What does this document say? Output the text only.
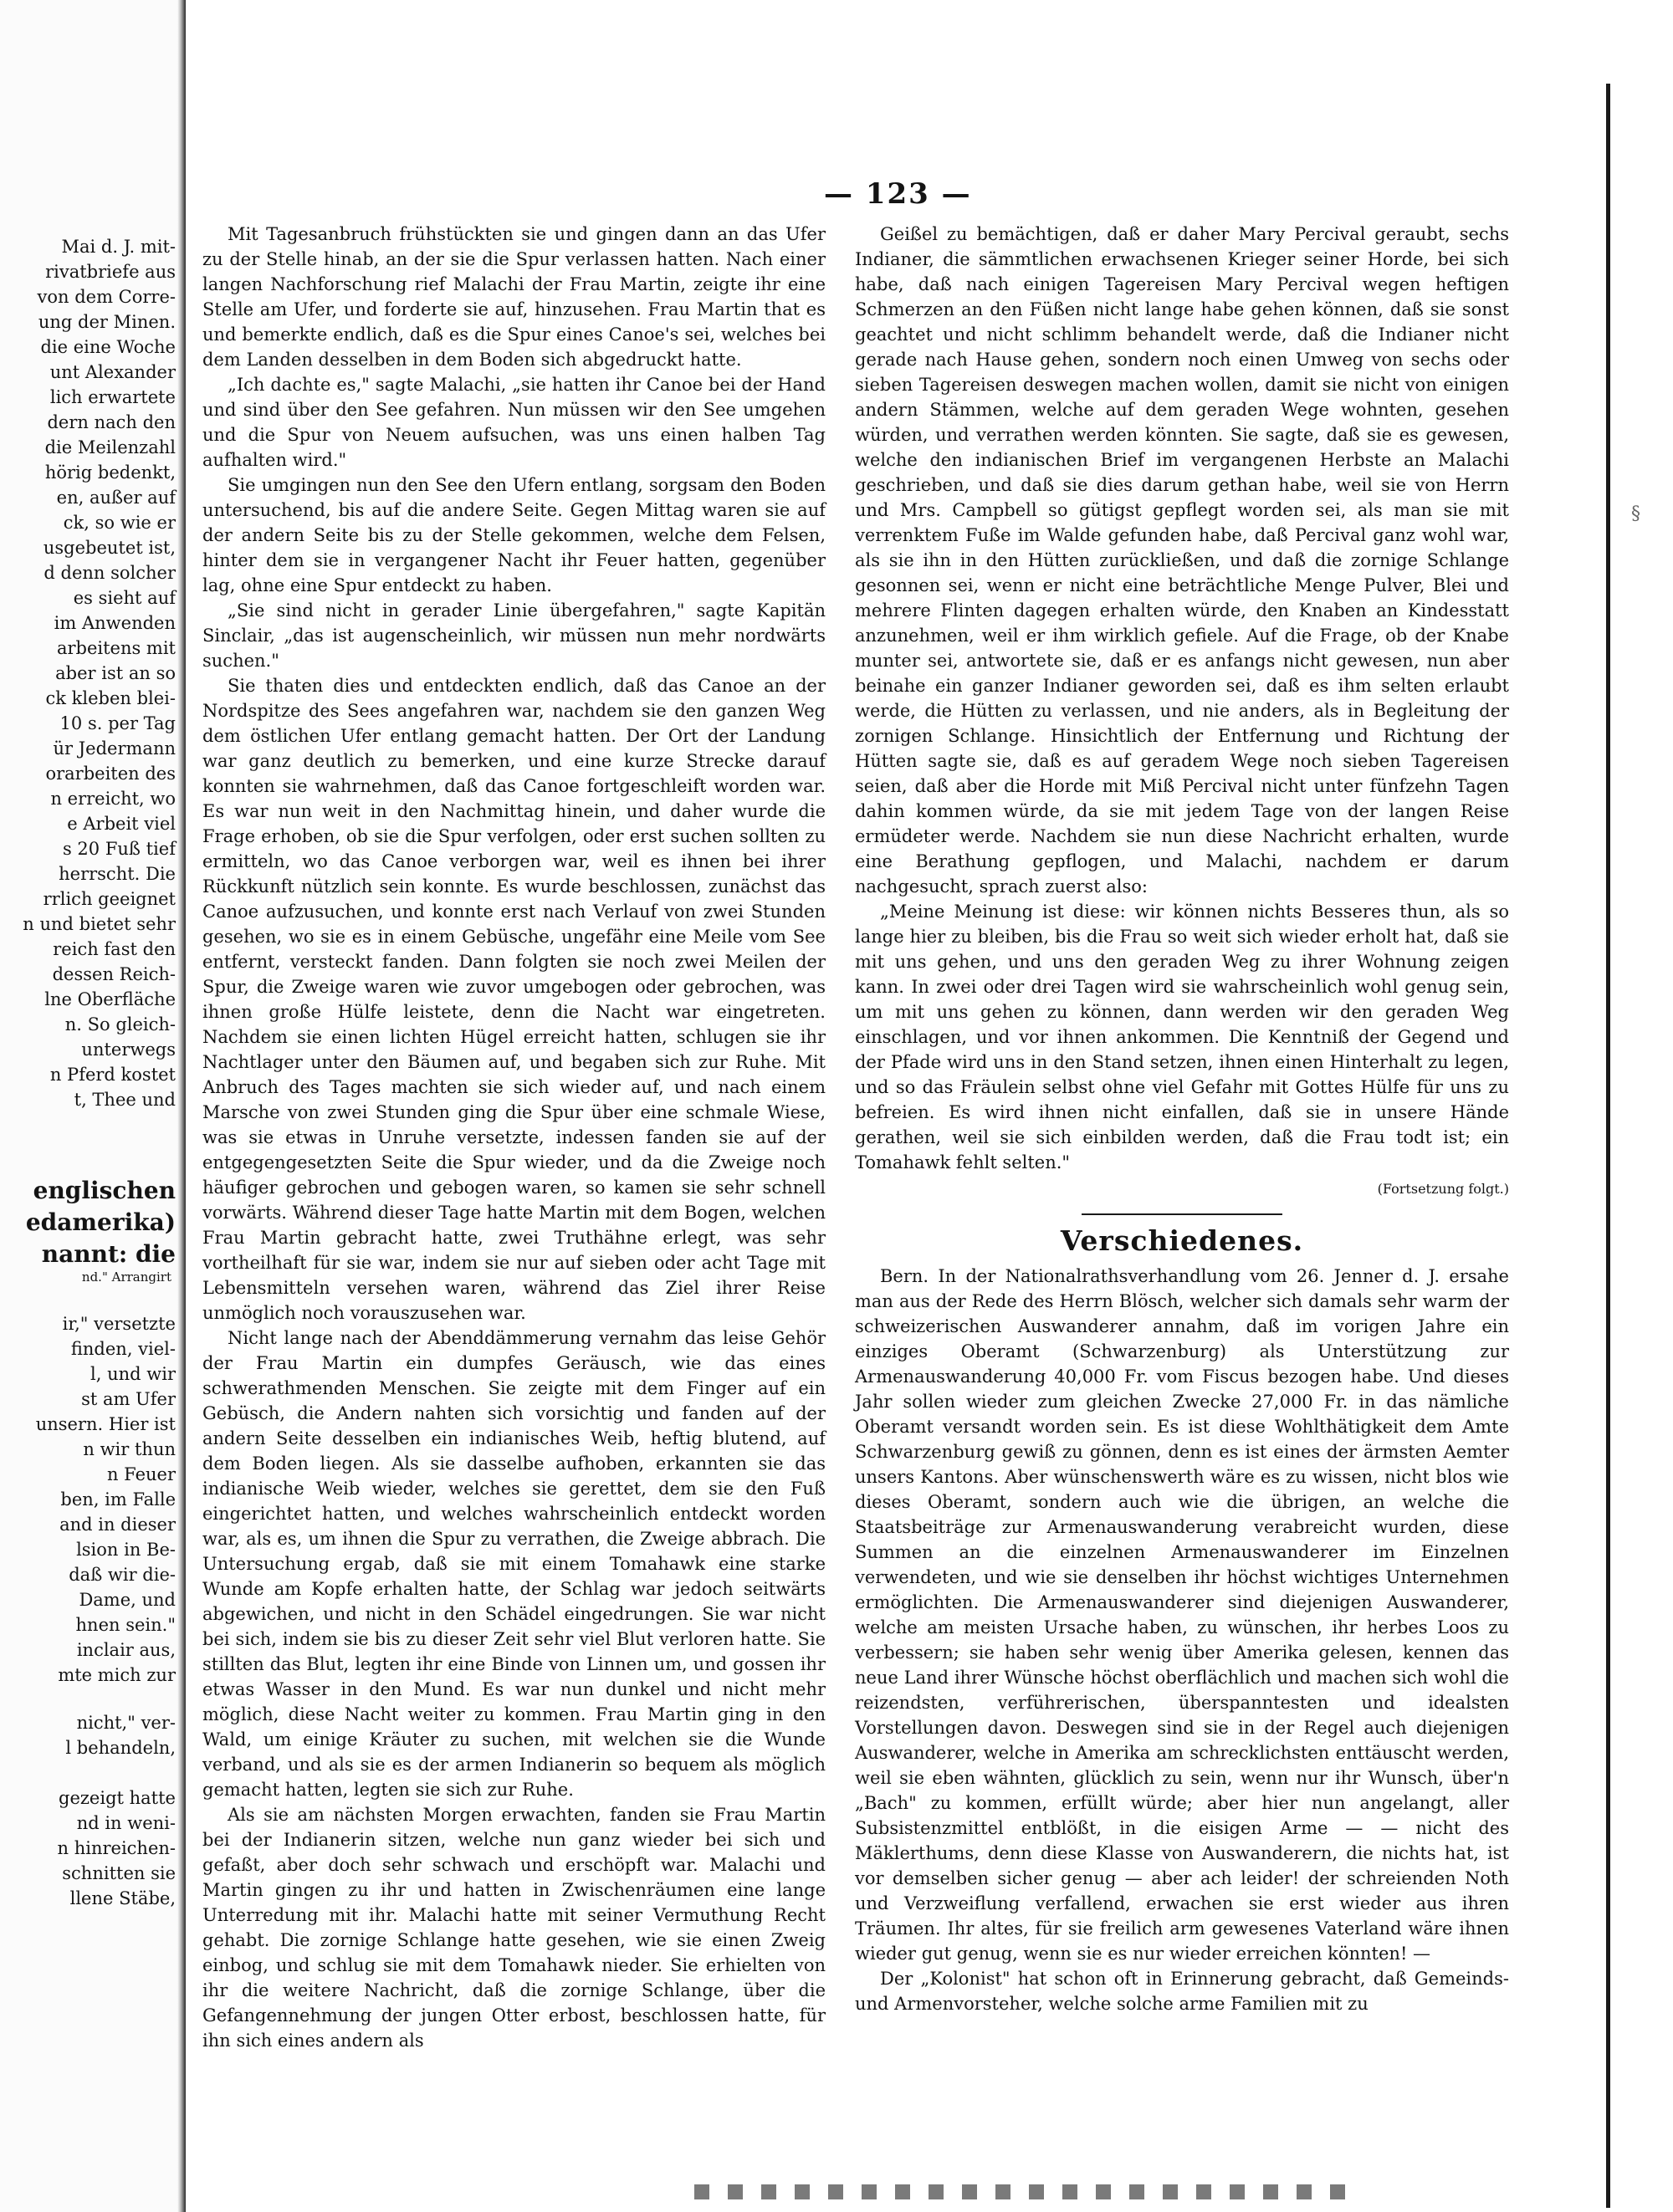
Mai d. J. mit-
rivatbriefe aus
von dem Corre-
ung der Minen.
die eine Woche
unt Alexander
lich erwartete
dern nach den
die Meilenzahl
hörig bedenkt,
en, außer auf
ck, so wie er
usgebeutet ist,
d denn solcher
es sieht auf
im Anwenden
arbeitens mit
aber ist an so
ck kleben blei-
10 s. per Tag
ür Jedermann
orarbeiten des
n erreicht, wo
e Arbeit viel
s 20 Fuß tief
herrscht. Die
rrlich geeignet
n und bietet sehr
reich fast den
dessen Reich-
lne Oberfläche
n. So gleich-
unterwegs
n Pferd kostet
t, Thee und
englischen
edamerika)
nannt: die
nd." Arrangirt
ir," versetzte
finden, viel-
l, und wir
st am Ufer
unsern. Hier ist
n wir thun
n Feuer
ben, im Falle
and in dieser
lsion in Be-
daß wir die-
Dame, und
hnen sein."
inclair aus,
mte mich zur
nicht," ver-
l behandeln,

gezeigt hatte
nd in weni-
n hinreichen-
schnitten sie
llene Stäbe,
§
— 123 —

Mit Tagesanbruch frühstückten sie und gingen dann an das Ufer zu der Stelle hinab, an der sie die Spur verlassen hatten. Nach einer langen Nachforschung rief Malachi der Frau Martin, zeigte ihr eine Stelle am Ufer, und forderte sie auf, hinzusehen. Frau Martin that es und bemerkte endlich, daß es die Spur eines Canoe's sei, welches bei dem Landen desselben in dem Boden sich abgedruckt hatte.

„Ich dachte es," sagte Malachi, „sie hatten ihr Canoe bei der Hand und sind über den See gefahren. Nun müssen wir den See umgehen und die Spur von Neuem aufsuchen, was uns einen halben Tag aufhalten wird."

Sie umgingen nun den See den Ufern entlang, sorgsam den Boden untersuchend, bis auf die andere Seite. Gegen Mittag waren sie auf der andern Seite bis zu der Stelle gekommen, welche dem Felsen, hinter dem sie in vergangener Nacht ihr Feuer hatten, gegenüber lag, ohne eine Spur entdeckt zu haben.

„Sie sind nicht in gerader Linie übergefahren," sagte Kapitän Sinclair, „das ist augenscheinlich, wir müssen nun mehr nordwärts suchen."

Sie thaten dies und entdeckten endlich, daß das Canoe an der Nordspitze des Sees angefahren war, nachdem sie den ganzen Weg dem östlichen Ufer entlang gemacht hatten. Der Ort der Landung war ganz deutlich zu bemerken, und eine kurze Strecke darauf konnten sie wahrnehmen, daß das Canoe fortgeschleift worden war. Es war nun weit in den Nachmittag hinein, und daher wurde die Frage erhoben, ob sie die Spur verfolgen, oder erst suchen sollten zu ermitteln, wo das Canoe verborgen war, weil es ihnen bei ihrer Rückkunft nützlich sein konnte. Es wurde beschlossen, zunächst das Canoe aufzusuchen, und konnte erst nach Verlauf von zwei Stunden gesehen, wo sie es in einem Gebüsche, ungefähr eine Meile vom See entfernt, versteckt fanden. Dann folgten sie noch zwei Meilen der Spur, die Zweige waren wie zuvor umgebogen oder gebrochen, was ihnen große Hülfe leistete, denn die Nacht war eingetreten. Nachdem sie einen lichten Hügel erreicht hatten, schlugen sie ihr Nachtlager unter den Bäumen auf, und begaben sich zur Ruhe. Mit Anbruch des Tages machten sie sich wieder auf, und nach einem Marsche von zwei Stunden ging die Spur über eine schmale Wiese, was sie etwas in Unruhe versetzte, indessen fanden sie auf der entgegengesetzten Seite die Spur wieder, und da die Zweige noch häufiger gebrochen und gebogen waren, so kamen sie sehr schnell vorwärts. Während dieser Tage hatte Martin mit dem Bogen, welchen Frau Martin gebracht hatte, zwei Truthähne erlegt, was sehr vortheilhaft für sie war, indem sie nur auf sieben oder acht Tage mit Lebensmitteln versehen waren, während das Ziel ihrer Reise unmöglich noch vorauszusehen war.

Nicht lange nach der Abenddämmerung vernahm das leise Gehör der Frau Martin ein dumpfes Geräusch, wie das eines schwerathmenden Menschen. Sie zeigte mit dem Finger auf ein Gebüsch, die Andern nahten sich vorsichtig und fanden auf der andern Seite desselben ein indianisches Weib, heftig blutend, auf dem Boden liegen. Als sie dasselbe aufhoben, erkannten sie das indianische Weib wieder, welches sie gerettet, dem sie den Fuß eingerichtet hatten, und welches wahrscheinlich entdeckt worden war, als es, um ihnen die Spur zu verrathen, die Zweige abbrach. Die Untersuchung ergab, daß sie mit einem Tomahawk eine starke Wunde am Kopfe erhalten hatte, der Schlag war jedoch seitwärts abgewichen, und nicht in den Schädel eingedrungen. Sie war nicht bei sich, indem sie bis zu dieser Zeit sehr viel Blut verloren hatte. Sie stillten das Blut, legten ihr eine Binde von Linnen um, und gossen ihr etwas Wasser in den Mund. Es war nun dunkel und nicht mehr möglich, diese Nacht weiter zu kommen. Frau Martin ging in den Wald, um einige Kräuter zu suchen, mit welchen sie die Wunde verband, und als sie es der armen Indianerin so bequem als möglich gemacht hatten, legten sie sich zur Ruhe.

Als sie am nächsten Morgen erwachten, fanden sie Frau Martin bei der Indianerin sitzen, welche nun ganz wieder bei sich und gefaßt, aber doch sehr schwach und erschöpft war. Malachi und Martin gingen zu ihr und hatten in Zwischenräumen eine lange Unterredung mit ihr. Malachi hatte mit seiner Vermuthung Recht gehabt. Die zornige Schlange hatte gesehen, wie sie einen Zweig einbog, und schlug sie mit dem Tomahawk nieder. Sie erhielten von ihr die weitere Nachricht, daß die zornige Schlange, über die Gefangennehmung der jungen Otter erbost, beschlossen hatte, für ihn sich eines andern als

Geißel zu bemächtigen, daß er daher Mary Percival geraubt, sechs Indianer, die sämmtlichen erwachsenen Krieger seiner Horde, bei sich habe, daß nach einigen Tagereisen Mary Percival wegen heftigen Schmerzen an den Füßen nicht lange habe gehen können, daß sie sonst geachtet und nicht schlimm behandelt werde, daß die Indianer nicht gerade nach Hause gehen, sondern noch einen Umweg von sechs oder sieben Tagereisen deswegen machen wollen, damit sie nicht von einigen andern Stämmen, welche auf dem geraden Wege wohnten, gesehen würden, und verrathen werden könnten. Sie sagte, daß sie es gewesen, welche den indianischen Brief im vergangenen Herbste an Malachi geschrieben, und daß sie dies darum gethan habe, weil sie von Herrn und Mrs. Campbell so gütigst gepflegt worden sei, als man sie mit verrenktem Fuße im Walde gefunden habe, daß Percival ganz wohl war, als sie ihn in den Hütten zurückließen, und daß die zornige Schlange gesonnen sei, wenn er nicht eine beträchtliche Menge Pulver, Blei und mehrere Flinten dagegen erhalten würde, den Knaben an Kindesstatt anzunehmen, weil er ihm wirklich gefiele. Auf die Frage, ob der Knabe munter sei, antwortete sie, daß er es anfangs nicht gewesen, nun aber beinahe ein ganzer Indianer geworden sei, daß es ihm selten erlaubt werde, die Hütten zu verlassen, und nie anders, als in Begleitung der zornigen Schlange. Hinsichtlich der Entfernung und Richtung der Hütten sagte sie, daß es auf geradem Wege noch sieben Tagereisen seien, daß aber die Horde mit Miß Percival nicht unter fünfzehn Tagen dahin kommen würde, da sie mit jedem Tage von der langen Reise ermüdeter werde. Nachdem sie nun diese Nachricht erhalten, wurde eine Berathung gepflogen, und Malachi, nachdem er darum nachgesucht, sprach zuerst also:

„Meine Meinung ist diese: wir können nichts Besseres thun, als so lange hier zu bleiben, bis die Frau so weit sich wieder erholt hat, daß sie mit uns gehen, und uns den geraden Weg zu ihrer Wohnung zeigen kann. In zwei oder drei Tagen wird sie wahrscheinlich wohl genug sein, um mit uns gehen zu können, dann werden wir den geraden Weg einschlagen, und vor ihnen ankommen. Die Kenntniß der Gegend und der Pfade wird uns in den Stand setzen, ihnen einen Hinterhalt zu legen, und so das Fräulein selbst ohne viel Gefahr mit Gottes Hülfe für uns zu befreien. Es wird ihnen nicht einfallen, daß sie in unsere Hände gerathen, weil sie sich einbilden werden, daß die Frau todt ist; ein Tomahawk fehlt selten."

(Fortsetzung folgt.)
Verschiedenes.

Bern. In der Nationalrathsverhandlung vom 26. Jenner d. J. ersahe man aus der Rede des Herrn Blösch, welcher sich damals sehr warm der schweizerischen Auswanderer annahm, daß im vorigen Jahre ein einziges Oberamt (Schwarzenburg) als Unterstützung zur Armenauswanderung 40,000 Fr. vom Fiscus bezogen habe. Und dieses Jahr sollen wieder zum gleichen Zwecke 27,000 Fr. in das nämliche Oberamt versandt worden sein. Es ist diese Wohlthätigkeit dem Amte Schwarzenburg gewiß zu gönnen, denn es ist eines der ärmsten Aemter unsers Kantons. Aber wünschenswerth wäre es zu wissen, nicht blos wie dieses Oberamt, sondern auch wie die übrigen, an welche die Staatsbeiträge zur Armenauswanderung verabreicht wurden, diese Summen an die einzelnen Armenauswanderer im Einzelnen verwendeten, und wie sie denselben ihr höchst wichtiges Unternehmen ermöglichten. Die Armenauswanderer sind diejenigen Auswanderer, welche am meisten Ursache haben, zu wünschen, ihr herbes Loos zu verbessern; sie haben sehr wenig über Amerika gelesen, kennen das neue Land ihrer Wünsche höchst oberflächlich und machen sich wohl die reizendsten, verführerischen, überspanntesten und idealsten Vorstellungen davon. Deswegen sind sie in der Regel auch diejenigen Auswanderer, welche in Amerika am schrecklichsten enttäuscht werden, weil sie eben wähnten, glücklich zu sein, wenn nur ihr Wunsch, über'n „Bach" zu kommen, erfüllt würde; aber hier nun angelangt, aller Subsistenzmittel entblößt, in die eisigen Arme — — nicht des Mäklerthums, denn diese Klasse von Auswanderern, die nichts hat, ist vor demselben sicher genug — aber ach leider! der schreienden Noth und Verzweiflung verfallend, erwachen sie erst wieder aus ihren Träumen. Ihr altes, für sie freilich arm gewesenes Vaterland wäre ihnen wieder gut genug, wenn sie es nur wieder erreichen könnten! —

Der „Kolonist" hat schon oft in Erinnerung gebracht, daß Gemeinds- und Armenvorsteher, welche solche arme Familien mit zu
